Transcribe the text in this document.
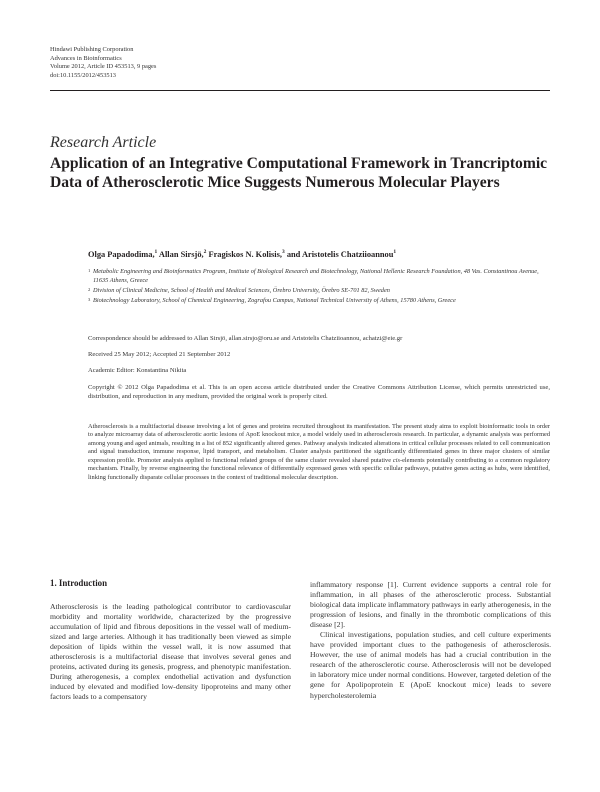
Hindawi Publishing Corporation
Advances in Bioinformatics
Volume 2012, Article ID 453513, 9 pages
doi:10.1155/2012/453513
Research Article
Application of an Integrative Computational Framework in Trancriptomic Data of Atherosclerotic Mice Suggests Numerous Molecular Players
Olga Papadodima,$^1$ Allan Sirsjö,$^2$ Fragiskos N. Kolisis,$^3$ and Aristotelis Chatziioannou$^1$
1 Metabolic Engineering and Bioinformatics Program, Institute of Biological Research and Biotechnology, National Hellenic Research Foundation, 48 Vas. Constantinou Avenue, 11635 Athens, Greece
2 Division of Clinical Medicine, School of Health and Medical Sciences, Örebro University, Örebro SE-701 82, Sweden
3 Biotechnology Laboratory, School of Chemical Engineering, Zografou Campus, National Technical University of Athens, 15780 Athens, Greece
Correspondence should be addressed to Allan Sirsjö, allan.sirsjo@oru.se and Aristotelis Chatziioannou, achatzi@eie.gr
Received 25 May 2012; Accepted 21 September 2012
Academic Editor: Konstantina Nikita
Copyright © 2012 Olga Papadodima et al. This is an open access article distributed under the Creative Commons Attribution License, which permits unrestricted use, distribution, and reproduction in any medium, provided the original work is properly cited.
Atherosclerosis is a multifactorial disease involving a lot of genes and proteins recruited throughout its manifestation. The present study aims to exploit bioinformatic tools in order to analyze microarray data of atherosclerotic aortic lesions of ApoE knockout mice, a model widely used in atherosclerosis research. In particular, a dynamic analysis was performed among young and aged animals, resulting in a list of 852 significantly altered genes. Pathway analysis indicated alterations in critical cellular processes related to cell communication and signal transduction, immune response, lipid transport, and metabolism. Cluster analysis partitioned the significantly differentiated genes in three major clusters of similar expression profile. Promoter analysis applied to functional related groups of the same cluster revealed shared putative cis-elements potentially contributing to a common regulatory mechanism. Finally, by reverse engineering the functional relevance of differentially expressed genes with specific cellular pathways, putative genes acting as hubs, were identified, linking functionally disparate cellular processes in the context of traditional molecular description.
1. Introduction

Atherosclerosis is the leading pathological contributor to cardiovascular morbidity and mortality worldwide, characterized by the progressive accumulation of lipid and fibrous depositions in the vessel wall of medium-sized and large arteries. Although it has traditionally been viewed as simple deposition of lipids within the vessel wall, it is now assumed that atherosclerosis is a multifactorial disease that involves several genes and proteins, activated during its genesis, progress, and phenotypic manifestation. During atherogenesis, a complex endothelial activation and dysfunction induced by elevated and modified low-density lipoproteins and many other factors leads to a compensatory

inflammatory response [1]. Current evidence supports a central role for inflammation, in all phases of the atherosclerotic process. Substantial biological data implicate inflammatory pathways in early atherogenesis, in the progression of lesions, and finally in the thrombotic complications of this disease [2].

Clinical investigations, population studies, and cell culture experiments have provided important clues to the pathogenesis of atherosclerosis. However, the use of animal models has had a crucial contribution in the research of the atherosclerotic course. Atherosclerosis will not be developed in laboratory mice under normal conditions. However, targeted deletion of the gene for Apolipoprotein E (ApoE knockout mice) leads to severe hypercholesterolemia
